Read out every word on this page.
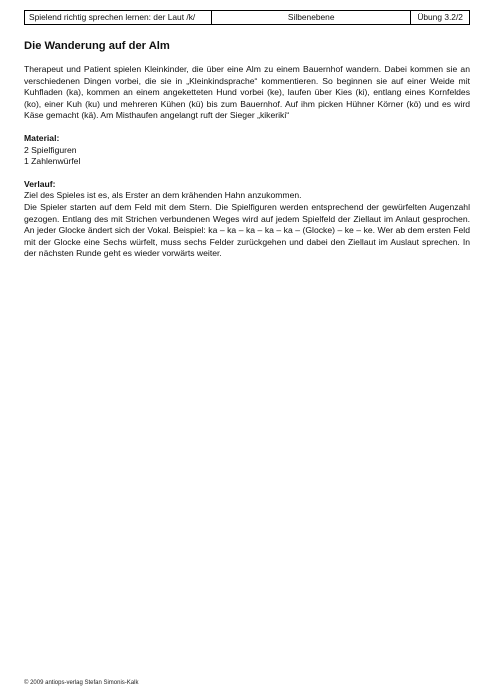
Spielend richtig sprechen lernen: der Laut /k/	Silbenebene	Übung 3.2/2
Die Wanderung auf der Alm

Therapeut und Patient spielen Kleinkinder, die über eine Alm zu einem Bauernhof wandern. Dabei kommen sie an verschiedenen Dingen vorbei, die sie in „Kleinkindsprache“ kommentieren. So beginnen sie auf einer Weide mit Kuhfladen (ka), kommen an einem angeketteten Hund vorbei (ke), laufen über Kies (ki), entlang eines Kornfeldes (ko), einer Kuh (ku) und mehreren Kühen (kü) bis zum Bauernhof. Auf ihm picken Hühner Körner (kö) und es wird Käse gemacht (kä). Am Misthaufen angelangt ruft der Sieger „kikeriki“

Material:
2 Spielfiguren
1 Zahlenwürfel
Verlauf:

Ziel des Spieles ist es, als Erster an dem krähenden Hahn anzukommen.

Die Spieler starten auf dem Feld mit dem Stern. Die Spielfiguren werden entsprechend der gewürfelten Augenzahl gezogen. Entlang des mit Strichen verbundenen Weges wird auf jedem Spielfeld der Ziellaut im Anlaut gesprochen. An jeder Glocke ändert sich der Vokal. Beispiel: ka – ka – ka – ka – ka – (Glocke) – ke – ke. Wer ab dem ersten Feld mit der Glocke eine Sechs würfelt, muss sechs Felder zurückgehen und dabei den Ziellaut im Auslaut sprechen. In der nächsten Runde geht es wieder vorwärts weiter.

© 2009 antiops-verlag Stefan Simonis-Kalk
